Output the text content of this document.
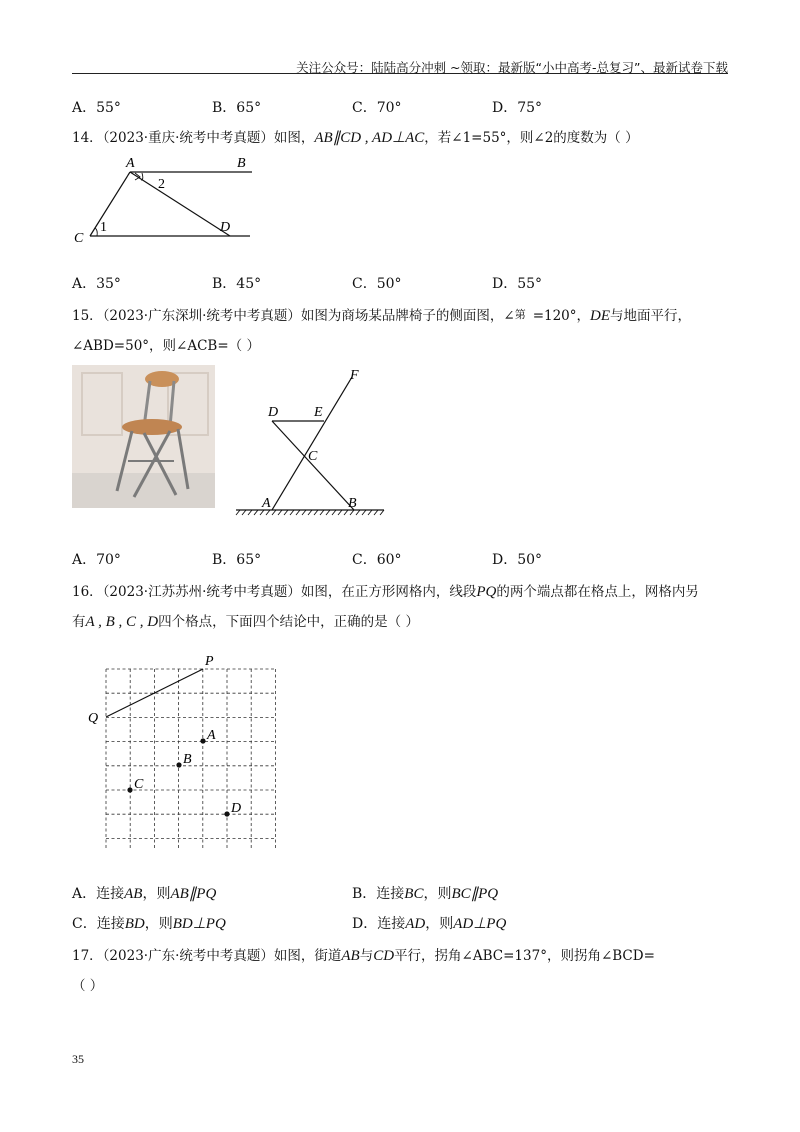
关注公众号：陆陆高分冲刺 ~领取：最新版“小中高考-总复习”、最新试卷下载
A．55°	B．65°	C．70°	D．75°
14．（2023·重庆·统考中考真题）如图，AB∥CD , AD⊥AC，若∠1=55°，则∠2的度数为（ ）
A	B
C
D
1
2
A．35°	B．45°	C．50°	D．55°
15．（2023·广东深圳·统考中考真题）如图为商场某品牌椅子的侧面图，∠第 =120°，DE与地面平行，
∠ABD=50°，则∠ACB=（ ）
D	E
F
C
A	B
A．70°	B．65°	C．60°	D．50°
16．（2023·江苏苏州·统考中考真题）如图，在正方形网格内，线段PQ的两个端点都在格点上，网格内另
有A , B , C , D四个格点，下面四个结论中，正确的是（ ）
P
Q
A
B
C
D
A．连接AB，则AB∥PQ	B．连接BC，则BC∥PQ
C．连接BD，则BD⊥PQ	D．连接AD，则AD⊥PQ
17．（2023·广东·统考中考真题）如图，街道AB与CD平行，拐角∠ABC=137°，则拐角∠BCD=
（ ）
35
